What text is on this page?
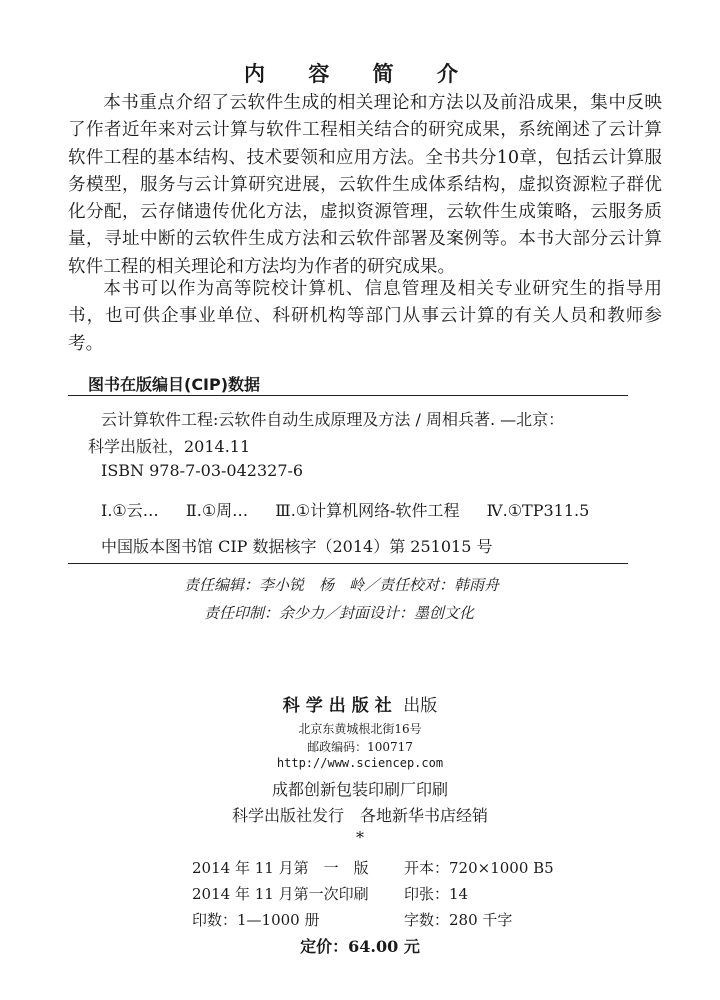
内 容 简 介
本书重点介绍了云软件生成的相关理论和方法以及前沿成果，集中反映了作者近年来对云计算与软件工程相关结合的研究成果，系统阐述了云计算软件工程的基本结构、技术要领和应用方法。全书共分10章，包括云计算服务模型，服务与云计算研究进展，云软件生成体系结构，虚拟资源粒子群优化分配，云存储遗传优化方法，虚拟资源管理，云软件生成策略，云服务质量，寻址中断的云软件生成方法和云软件部署及案例等。本书大部分云计算软件工程的相关理论和方法均为作者的研究成果。
本书可以作为高等院校计算机、信息管理及相关专业研究生的指导用书，也可供企事业单位、科研机构等部门从事云计算的有关人员和教师参考。
图书在版编目(CIP)数据
云计算软件工程:云软件自动生成原理及方法 / 周相兵著. —北京：
科学出版社，2014.11
ISBN 978-7-03-042327-6
Ⅰ.①云… Ⅱ.①周… Ⅲ.①计算机网络-软件工程 Ⅳ.①TP311.5
中国版本图书馆 CIP 数据核字（2014）第 251015 号
责任编辑：李小锐　杨　岭／责任校对：韩雨舟
责任印制：余少力／封面设计：墨创文化
科学出版社 出版
北京东黄城根北街16号
邮政编码：100717
http://www.sciencep.com
成都创新包装印刷厂印刷
科学出版社发行　各地新华书店经销
*
2014 年 11 月第　一　版 开本：720×1000 B5
2014 年 11 月第一次印刷 印张：14
印数：1—1000 册	字数：280 千字
定价：64.00 元
